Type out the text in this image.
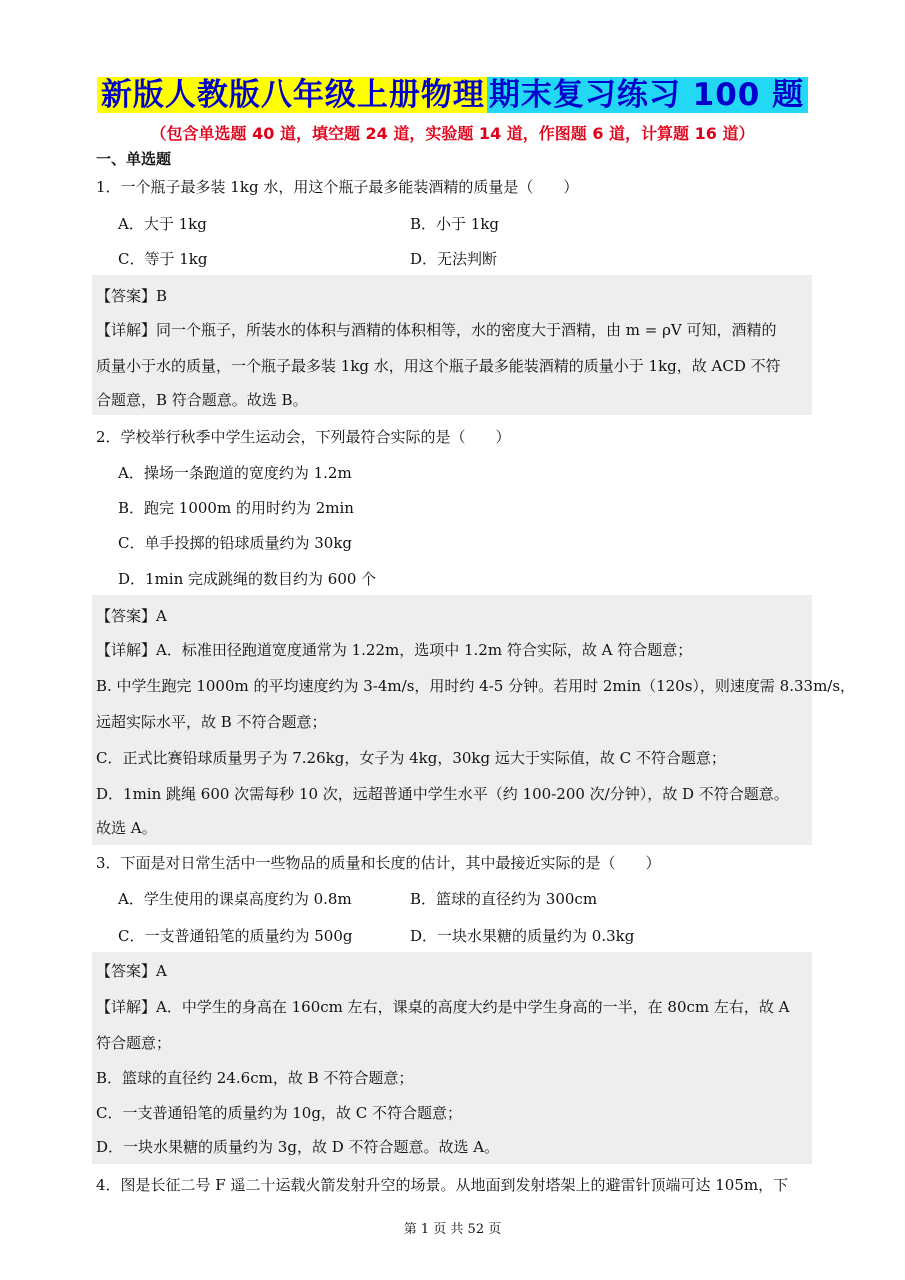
新版人教版八年级上册物理 期末复习练习 100 题
（包含单选题 40 道，填空题 24 道，实验题 14 道，作图题 6 道，计算题 16 道）
一、单选题
1．一个瓶子最多装 1kg 水，用这个瓶子最多能装酒精的质量是（　　）
A．大于 1kg	B．小于 1kg
C．等于 1kg	D．无法判断
【答案】B
【详解】同一个瓶子，所装水的体积与酒精的体积相等，水的密度大于酒精，由 m = ρV 可知，酒精的
质量小于水的质量，一个瓶子最多装 1kg 水，用这个瓶子最多能装酒精的质量小于 1kg，故 ACD 不符
合题意，B 符合题意。故选 B。
2．学校举行秋季中学生运动会，下列最符合实际的是（　　）
A．操场一条跑道的宽度约为 1.2m
B．跑完 1000m 的用时约为 2min
C．单手投掷的铅球质量约为 30kg
D．1min 完成跳绳的数目约为 600 个
【答案】A
【详解】A．标准田径跑道宽度通常为 1.22m，选项中 1.2m 符合实际，故 A 符合题意；
B. 中学生跑完 1000m 的平均速度约为 3-4m/s，用时约 4-5 分钟。若用时 2min（120s），则速度需 8.33m/s，
远超实际水平，故 B 不符合题意；
C．正式比赛铅球质量男子为 7.26kg，女子为 4kg，30kg 远大于实际值，故 C 不符合题意；
D．1min 跳绳 600 次需每秒 10 次，远超普通中学生水平（约 100-200 次/分钟），故 D 不符合题意。
故选 A。
3．下面是对日常生活中一些物品的质量和长度的估计，其中最接近实际的是（　　）
A．学生使用的课桌高度约为 0.8m	B．篮球的直径约为 300cm
C．一支普通铅笔的质量约为 500g	D．一块水果糖的质量约为 0.3kg
【答案】A
【详解】A．中学生的身高在 160cm 左右，课桌的高度大约是中学生身高的一半，在 80cm 左右，故 A
符合题意；
B．篮球的直径约 24.6cm，故 B 不符合题意；
C．一支普通铅笔的质量约为 10g，故 C 不符合题意；
D．一块水果糖的质量约为 3g，故 D 不符合题意。故选 A。
4．图是长征二号 F 遥二十运载火箭发射升空的场景。从地面到发射塔架上的避雷针顶端可达 105m，下
第 1 页 共 52 页
